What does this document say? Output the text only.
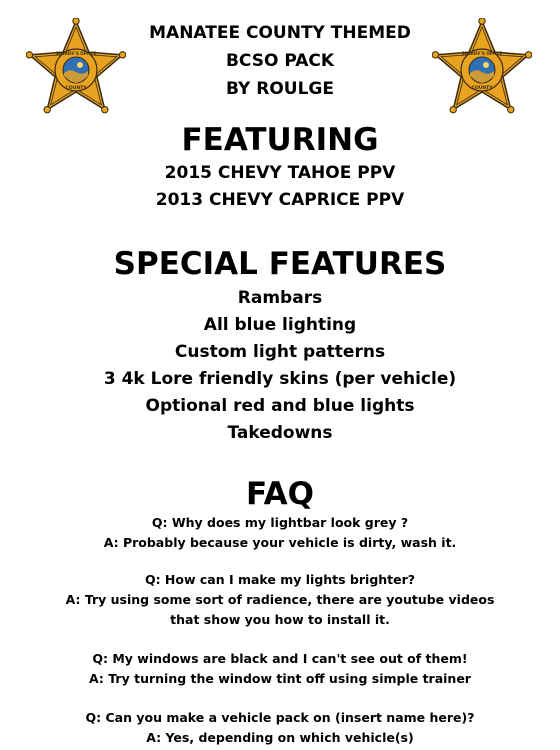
SHERIFF'S OFFICE
COUNTY
MANATEE COUNTY THEMED
BCSO PACK
BY ROULGE
SHERIFF'S OFFICE
COUNTY
FEATURING
2015 CHEVY TAHOE PPV
2013 CHEVY CAPRICE PPV
SPECIAL FEATURES
Rambars
All blue lighting
Custom light patterns
3 4k Lore friendly skins (per vehicle)
Optional red and blue lights
Takedowns
FAQ
Q: Why does my lightbar look grey ?
A: Probably because your vehicle is dirty, wash it.
Q: How can I make my lights brighter?
A: Try using some sort of radience, there are youtube videos
that show you how to install it.
Q: My windows are black and I can't see out of them!
A: Try turning the window tint off using simple trainer
Q: Can you make a vehicle pack on (insert name here)?
A: Yes, depending on which vehicle(s)
